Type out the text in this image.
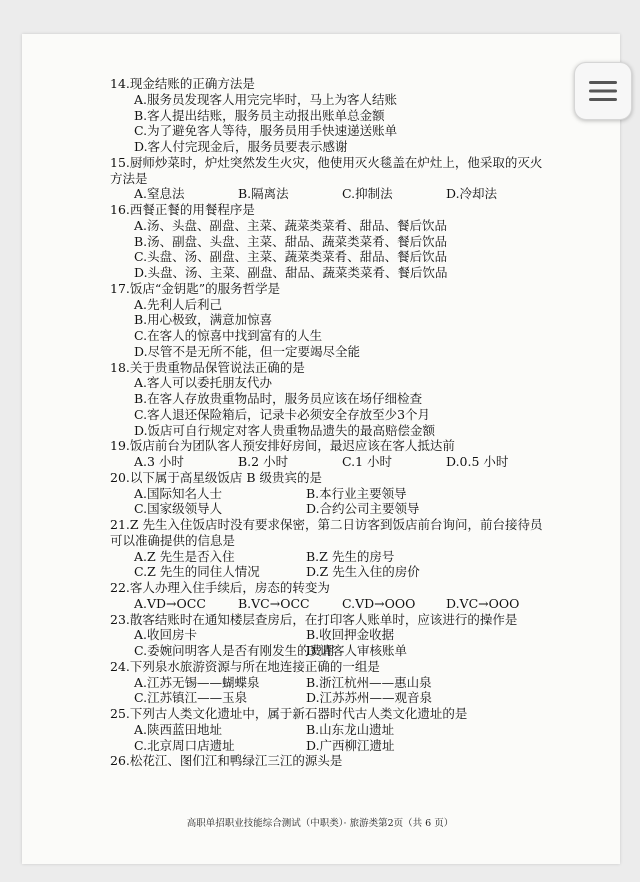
14.现金结账的正确方法是
A.服务员发现客人用完完毕时，马上为客人结账
B.客人提出结账，服务员主动报出账单总金额
C.为了避免客人等待，服务员用手快速递送账单
D.客人付完现金后，服务员要表示感谢
15.厨师炒菜时，炉灶突然发生火灾，他使用灭火毯盖在炉灶上，他采取的灭火
方法是
A.窒息法	B.隔离法	C.抑制法	D.冷却法
16.西餐正餐的用餐程序是
A.汤、头盘、副盘、主菜、蔬菜类菜肴、甜品、餐后饮品
B.汤、副盘、头盘、主菜、甜品、蔬菜类菜肴、餐后饮品
C.头盘、汤、副盘、主菜、蔬菜类菜肴、甜品、餐后饮品
D.头盘、汤、主菜、副盘、甜品、蔬菜类菜肴、餐后饮品
17.饭店“金钥匙”的服务哲学是
A.先利人后利己
B.用心极致，满意加惊喜
C.在客人的惊喜中找到富有的人生
D.尽管不是无所不能，但一定要竭尽全能
18.关于贵重物品保管说法正确的是
A.客人可以委托朋友代办
B.在客人存放贵重物品时，服务员应该在场仔细检查
C.客人退还保险箱后，记录卡必须安全存放至少3个月
D.饭店可自行规定对客人贵重物品遗失的最高赔偿金额
19.饭店前台为团队客人预安排好房间，最迟应该在客人抵达前
A.3 小时	B.2 小时	C.1 小时	D.0.5 小时
20.以下属于高星级饭店 B 级贵宾的是
A.国际知名人士	B.本行业主要领导
C.国家级领导人	D.合约公司主要领导
21.Z 先生入住饭店时没有要求保密，第二日访客到饭店前台询问，前台接待员
可以准确提供的信息是
A.Z 先生是否入住	B.Z 先生的房号
C.Z 先生的同住人情况	D.Z 先生入住的房价
22.客人办理入住手续后，房态的转变为
A.VD→OCC	B.VC→OCC	C.VD→OOO	D.VC→OOO
23.散客结账时在通知楼层查房后，在打印客人账单时，应该进行的操作是
A.收回房卡	B.收回押金收据
C.委婉问明客人是否有刚发生的费用
D.请客人审核账单
24.下列泉水旅游资源与所在地连接正确的一组是
A.江苏无锡——蝴蝶泉	B.浙江杭州——惠山泉
C.江苏镇江——玉泉	D.江苏苏州——观音泉
25.下列古人类文化遗址中，属于新石器时代古人类文化遗址的是
A.陕西蓝田地址	B.山东龙山遗址
C.北京周口店遗址	D.广西柳江遗址
26.松花江、图们江和鸭绿江三江的源头是
高职单招职业技能综合测试（中职类）· 旅游类第2页（共 6 页）
